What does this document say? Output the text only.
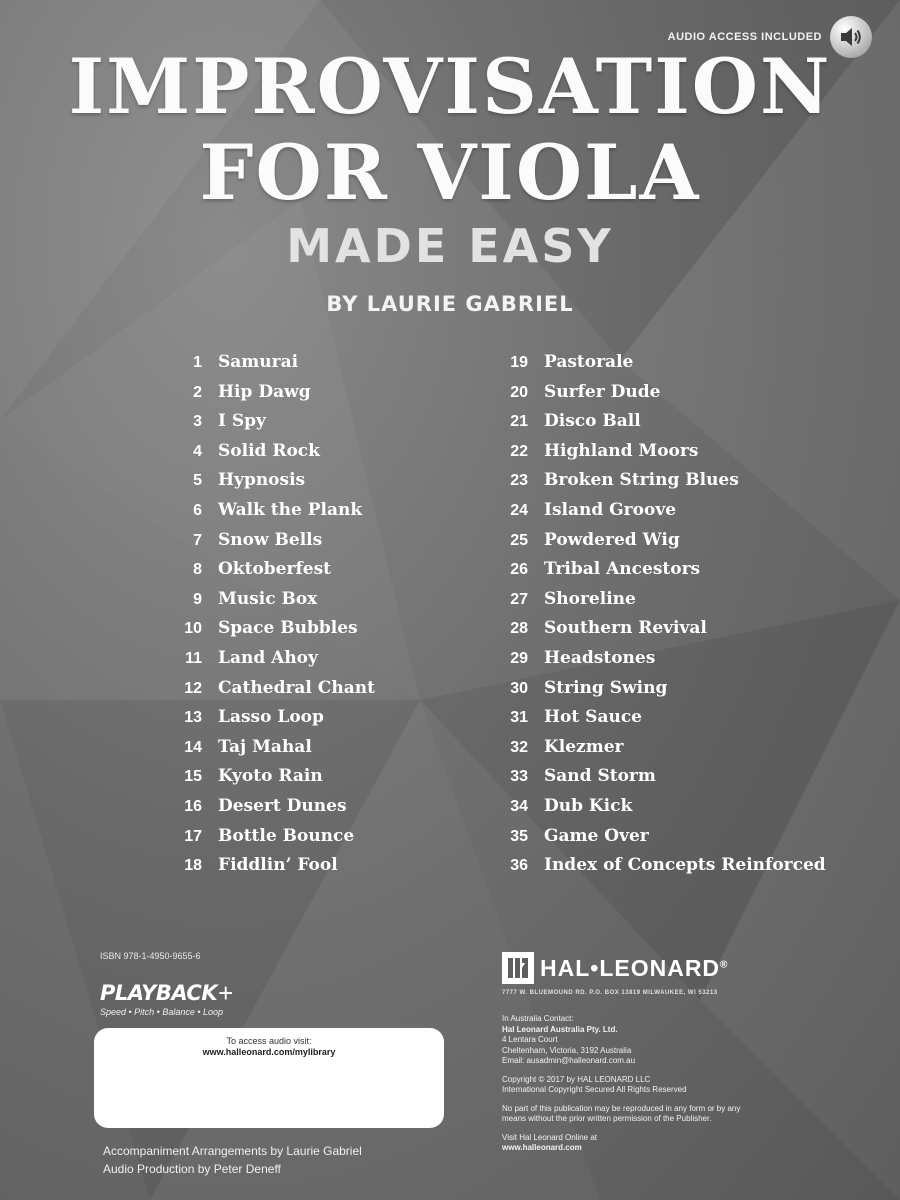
AUDIO ACCESS INCLUDED
IMPROVISATION
FOR VIOLA
MADE EASY
BY LAURIE GABRIEL
1 Samurai
2 Hip Dawg
3 I Spy
4 Solid Rock
5 Hypnosis
6 Walk the Plank
7 Snow Bells
8 Oktoberfest
9 Music Box
10 Space Bubbles
11 Land Ahoy
12 Cathedral Chant
13 Lasso Loop
14 Taj Mahal
15 Kyoto Rain
16 Desert Dunes
17 Bottle Bounce
18 Fiddlin’ Fool
19 Pastorale
20 Surfer Dude
21 Disco Ball
22 Highland Moors
23 Broken String Blues
24 Island Groove
25 Powdered Wig
26 Tribal Ancestors
27 Shoreline
28 Southern Revival
29 Headstones
30 String Swing
31 Hot Sauce
32 Klezmer
33 Sand Storm
34 Dub Kick
35 Game Over
36 Index of Concepts Reinforced
ISBN 978-1-4950-9655-6
PLAYBACK+
Speed • Pitch • Balance • Loop
To access audio visit:
www.halleonard.com/mylibrary
Accompaniment Arrangements by Laurie Gabriel
Audio Production by Peter Deneff
HAL•LEONARD®
7777 W. BLUEMOUND RD. P.O. BOX 13819 MILWAUKEE, WI 53213
In Australia Contact:
Hal Leonard Australia Pty. Ltd.
4 Lentara Court
Cheltenham, Victoria, 3192 Australia
Email: ausadmin@halleonard.com.au
Copyright © 2017 by HAL LEONARD LLC
International Copyright Secured All Rights Reserved
No part of this publication may be reproduced in any form or by any
means without the prior written permission of the Publisher.
Visit Hal Leonard Online at
www.halleonard.com
